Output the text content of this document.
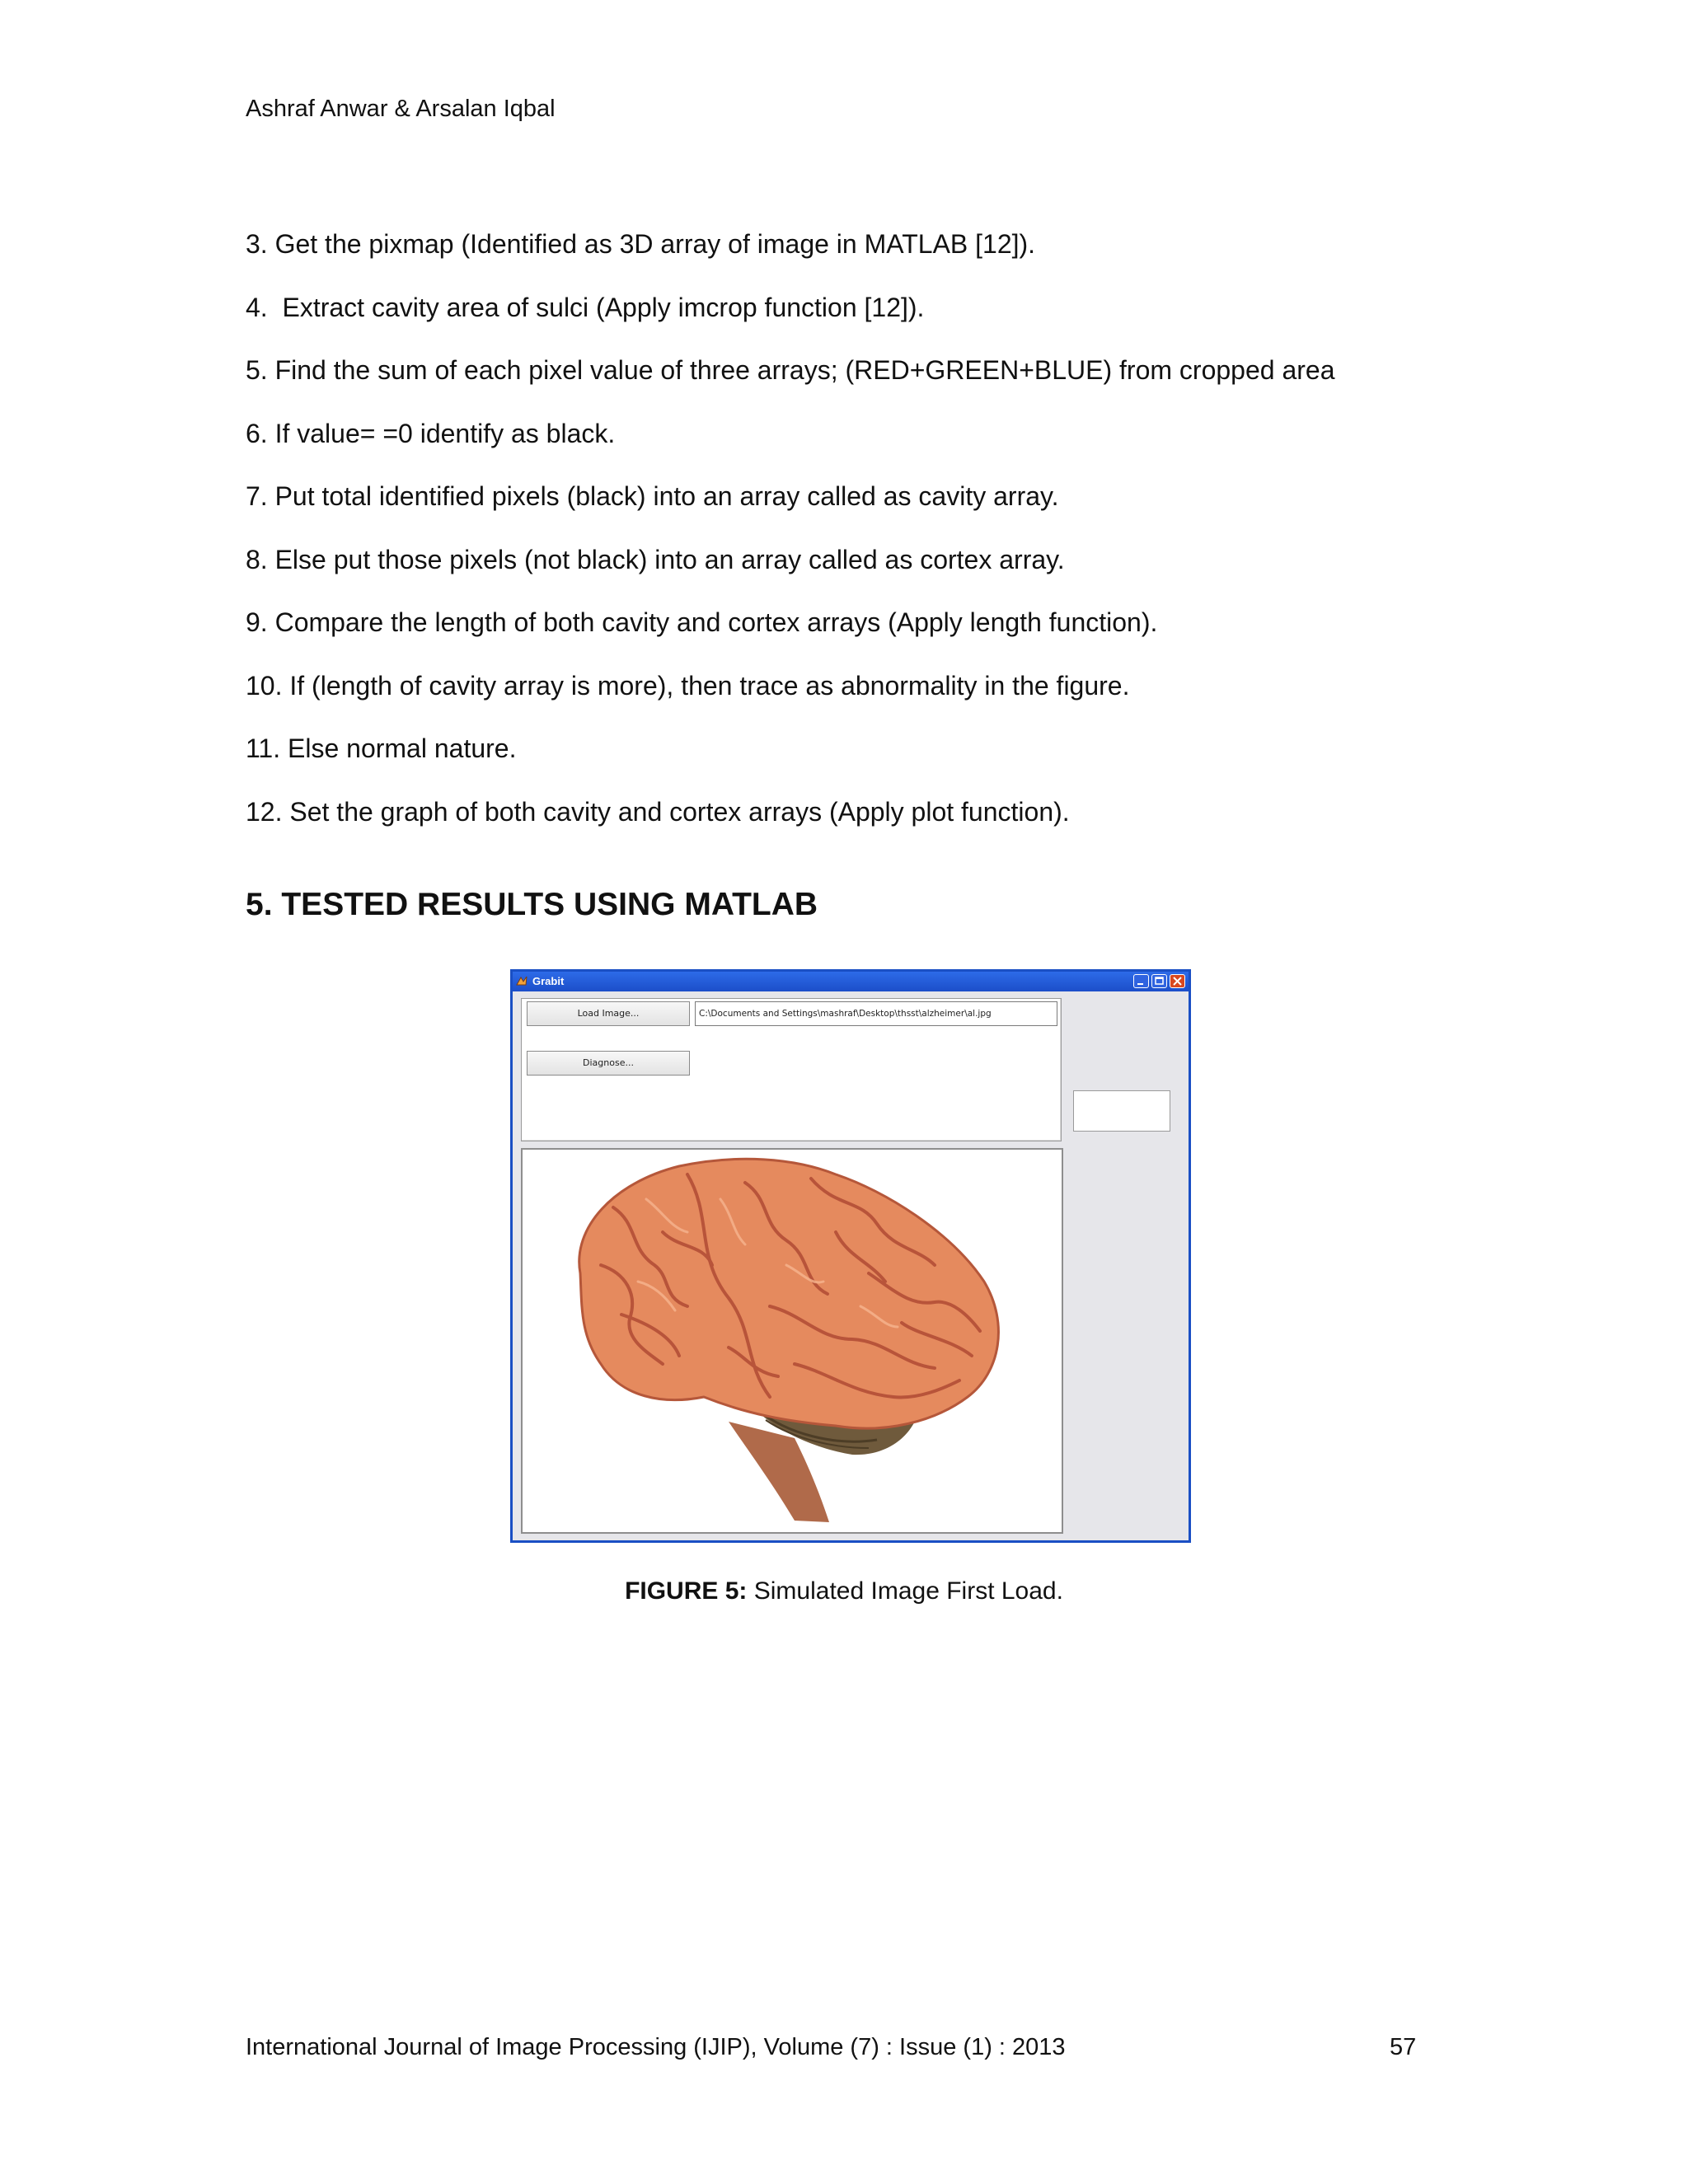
Ashraf Anwar & Arsalan Iqbal
3. Get the pixmap (Identified as 3D array of image in MATLAB [12]).
4.  Extract cavity area of sulci (Apply imcrop function [12]).
5. Find the sum of each pixel value of three arrays; (RED+GREEN+BLUE) from cropped area
6. If value= =0 identify as black.
7. Put total identified pixels (black) into an array called as cavity array.
8. Else put those pixels (not black) into an array called as cortex array.
9. Compare the length of both cavity and cortex arrays (Apply length function).
10. If (length of cavity array is more), then trace as abnormality in the figure.
11. Else normal nature.
12. Set the graph of both cavity and cortex arrays (Apply plot function).
5. TESTED RESULTS USING MATLAB
Grabit
Load Image...	C:\Documents and Settings\mashraf\Desktop\thsst\alzheimer\al.jpg
Diagnose...
FIGURE 5: Simulated Image First Load.
International Journal of Image Processing (IJIP), Volume (7) : Issue (1) : 2013	57
